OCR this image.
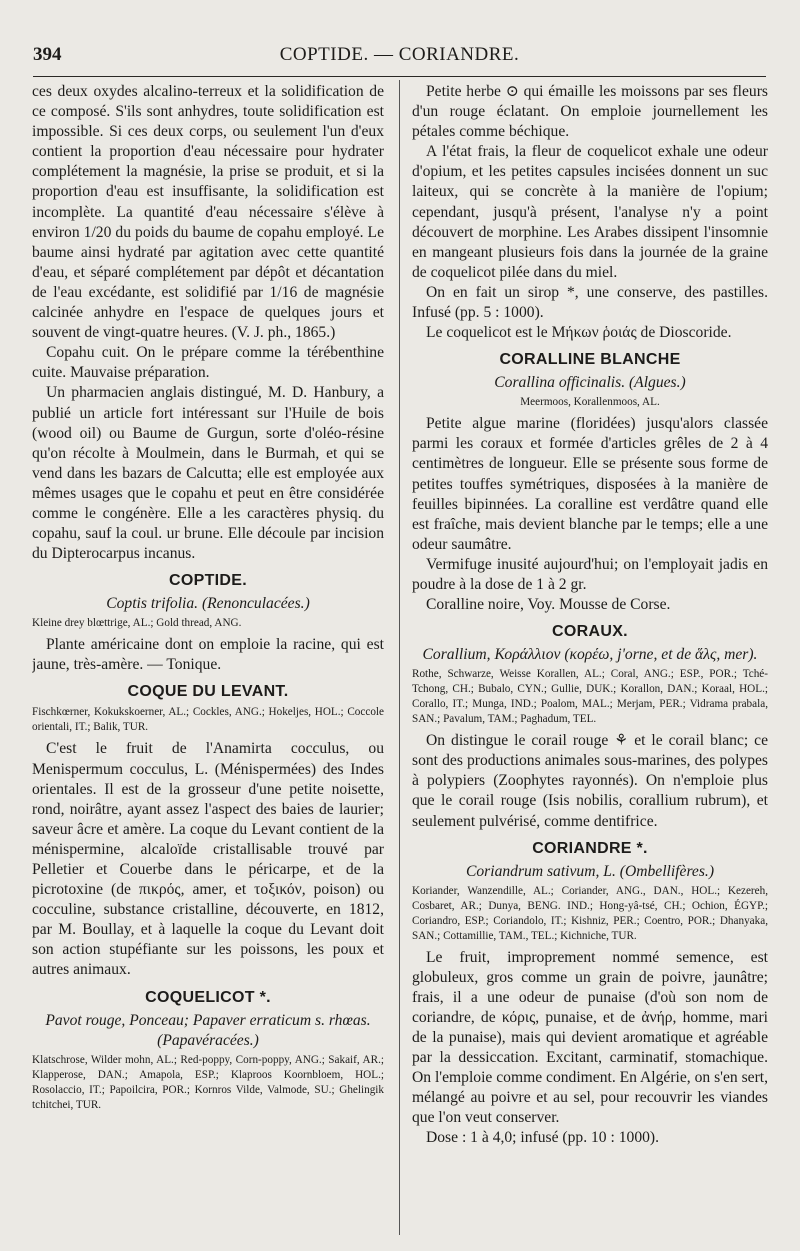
394	COPTIDE. — CORIANDRE.

ces deux oxydes alcalino-terreux et la solidification de ce composé. S'ils sont anhydres, toute solidification est impossible. Si ces deux corps, ou seulement l'un d'eux contient la proportion d'eau nécessaire pour hydrater complétement la magnésie, la prise se produit, et si la proportion d'eau est insuffisante, la solidification est incomplète. La quantité d'eau nécessaire s'élève à environ 1/20 du poids du baume de copahu employé. Le baume ainsi hydraté par agitation avec cette quantité d'eau, et séparé complétement par dépôt et décantation de l'eau excédante, est solidifié par 1/16 de magnésie calcinée anhydre en l'espace de quelques jours et souvent de vingt-quatre heures. (V. J. ph., 1865.)

Copahu cuit. On le prépare comme la térébenthine cuite. Mauvaise préparation.

Un pharmacien anglais distingué, M. D. Hanbury, a publié un article fort intéressant sur l'Huile de bois (wood oil) ou Baume de Gurgun, sorte d'oléo-résine qu'on récolte à Moulmein, dans le Burmah, et qui se vend dans les bazars de Calcutta; elle est employée aux mêmes usages que le copahu et peut en être considérée comme le congénère. Elle a les caractères physiq. du copahu, sauf la coul. ur brune. Elle découle par incision du Dipterocarpus incanus.

COPTIDE.
Coptis trifolia. (Renonculacées.)
Kleine drey blœttrige, AL.; Gold thread, ANG.

Plante américaine dont on emploie la racine, qui est jaune, très-amère. — Tonique.

COQUE DU LEVANT.
Fischkœrner, Kokukskoerner, AL.; Cockles, ANG.; Hokeljes, HOL.; Coccole orientali, IT.; Balik, TUR.

C'est le fruit de l'Anamirta cocculus, ou Menispermum cocculus, L. (Ménispermées) des Indes orientales. Il est de la grosseur d'une petite noisette, rond, noirâtre, ayant assez l'aspect des baies de laurier; saveur âcre et amère. La coque du Levant contient de la ménispermine, alcaloïde cristallisable trouvé par Pelletier et Couerbe dans le péricarpe, et de la picrotoxine (de πικρός, amer, et τοξικόν, poison) ou cocculine, substance cristalline, découverte, en 1812, par M. Boullay, et à laquelle la coque du Levant doit son action stupéfiante sur les poissons, les poux et autres animaux.

COQUELICOT *.
Pavot rouge, Ponceau; Papaver erraticum s. rhœas. (Papavéracées.)
Klatschrose, Wilder mohn, AL.; Red-poppy, Corn-poppy, ANG.; Sakaif, AR.; Klapperose, DAN.; Amapola, ESP.; Klaproos Koornbloem, HOL.; Rosolaccio, IT.; Papoilcira, POR.; Kornros Vilde, Valmode, SU.; Ghelingik tchitchei, TUR.

Petite herbe ⊙ qui émaille les moissons par ses fleurs d'un rouge éclatant. On emploie journellement les pétales comme béchique.

A l'état frais, la fleur de coquelicot exhale une odeur d'opium, et les petites capsules incisées donnent un suc laiteux, qui se concrète à la manière de l'opium; cependant, jusqu'à présent, l'analyse n'y a point découvert de morphine. Les Arabes dissipent l'insomnie en mangeant plusieurs fois dans la journée de la graine de coquelicot pilée dans du miel.

On en fait un sirop *, une conserve, des pastilles. Infusé (pp. 5 : 1000).

Le coquelicot est le Μήκων ῥοιάς de Dioscoride.

CORALLINE BLANCHE
Corallina officinalis. (Algues.)
Meermoos, Korallenmoos, AL.

Petite algue marine (floridées) jusqu'alors classée parmi les coraux et formée d'articles grêles de 2 à 4 centimètres de longueur. Elle se présente sous forme de petites touffes symétriques, disposées à la manière de feuilles bipinnées. La coralline est verdâtre quand elle est fraîche, mais devient blanche par le temps; elle a une odeur saumâtre.

Vermifuge inusité aujourd'hui; on l'employait jadis en poudre à la dose de 1 à 2 gr.

Coralline noire, Voy. Mousse de Corse.

CORAUX.
Corallium, Κοράλλιον (κορέω, j'orne, et de ἅλς, mer).
Rothe, Schwarze, Weisse Korallen, AL.; Coral, ANG.; ESP., POR.; Tché-Tchong, CH.; Bubalo, CYN.; Gullie, DUK.; Korallon, DAN.; Koraal, HOL.; Corallo, IT.; Munga, IND.; Poalom, MAL.; Merjam, PER.; Vidrama prabala, SAN.; Pavalum, TAM.; Paghadum, TEL.

On distingue le corail rouge ⚘ et le corail blanc; ce sont des productions animales sous-marines, des polypes à polypiers (Zoophytes rayonnés). On n'emploie plus que le corail rouge (Isis nobilis, corallium rubrum), et seulement pulvérisé, comme dentifrice.

CORIANDRE *.
Coriandrum sativum, L. (Ombellifères.)
Koriander, Wanzendille, AL.; Coriander, ANG., DAN., HOL.; Kezereh, Cosbaret, AR.; Dunya, BENG. IND.; Hong-yâ-tsé, CH.; Ochion, ÉGYP.; Coriandro, ESP.; Coriandolo, IT.; Kishniz, PER.; Coentro, POR.; Dhanyaka, SAN.; Cottamillie, TAM., TEL.; Kichniche, TUR.

Le fruit, improprement nommé semence, est globuleux, gros comme un grain de poivre, jaunâtre; frais, il a une odeur de punaise (d'où son nom de coriandre, de κόρις, punaise, et de ἀνήρ, homme, mari de la punaise), mais qui devient aromatique et agréable par la dessiccation. Excitant, carminatif, stomachique. On l'emploie comme condiment. En Algérie, on s'en sert, mélangé au poivre et au sel, pour recouvrir les viandes que l'on veut conserver.

Dose : 1 à 4,0; infusé (pp. 10 : 1000).
